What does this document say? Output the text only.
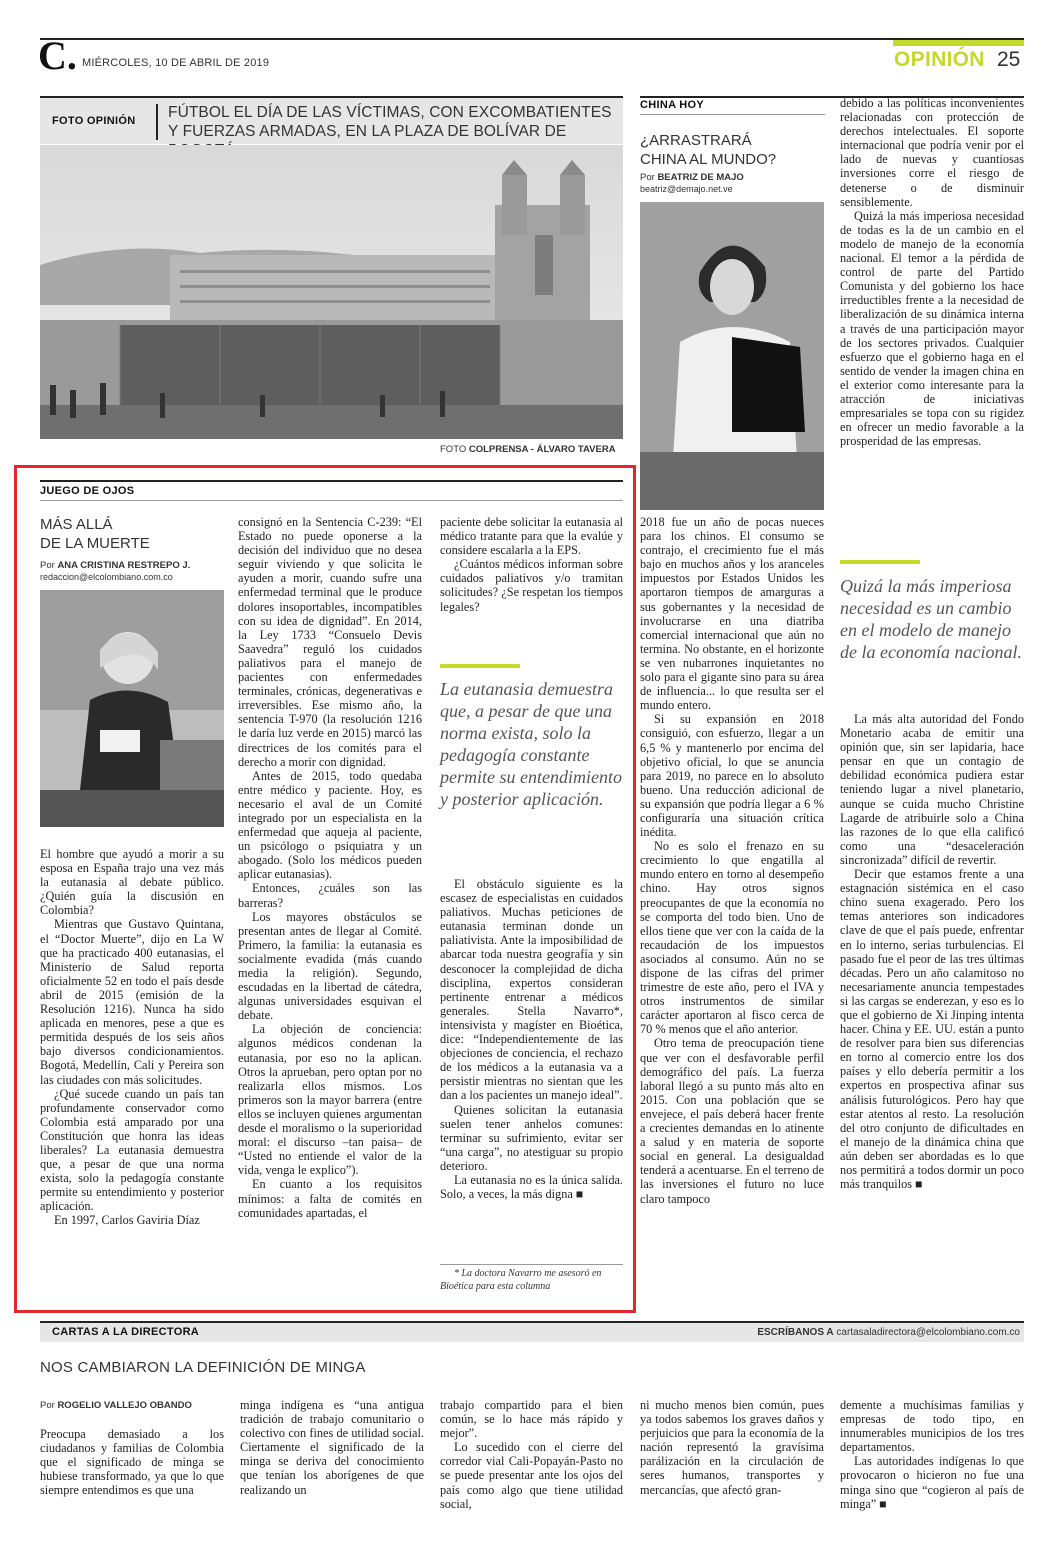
C. MIÉRCOLES, 10 DE ABRIL DE 2019	OPINIÓN 25
FOTO OPINIÓN FÚTBOL EL DÍA DE LAS VÍCTIMAS, CON EXCOMBATIENTES Y FUERZAS ARMADAS, EN LA PLAZA DE BOLÍVAR DE
FOTO COLPRENSA - ÁLVARO TAVERA
JUEGO DE OJOS
MÁS ALLÁ
DE LA MUERTE
Por ANA CRISTINA RESTREPO J.
redaccion@elcolombiano.com.co

El hombre que ayudó a morir a su esposa en España trajo una vez más la eutanasia al debate público. ¿Quién guía la discusión en Colombia?

Mientras que Gustavo Quintana, el “Doctor Muerte”, dijo en La W que ha practicado 400 eutanasias, el Ministerio de Salud reporta oficialmente 52 en todo el país desde abril de 2015 (emisión de la Resolución 1216). Nunca ha sido aplicada en menores, pese a que es permitida después de los seis años bajo diversos condicionamientos. Bogotá, Medellín, Cali y Pereira son las ciudades con más solicitudes.

¿Qué sucede cuando un país tan profundamente conservador como Colombia está amparado por una Constitución que honra las ideas liberales? La eutanasia demuestra que, a pesar de que una norma exista, solo la pedagogía constante permite su entendimiento y posterior aplicación.

En 1997, Carlos Gaviria Díaz

consignó en la Sentencia C-239: “El Estado no puede oponerse a la decisión del individuo que no desea seguir viviendo y que solicita le ayuden a morir, cuando sufre una enfermedad terminal que le produce dolores insoportables, incompatibles con su idea de dignidad”. En 2014, la Ley 1733 “Consuelo Devis Saavedra” reguló los cuidados paliativos para el manejo de pacientes con enfermedades terminales, crónicas, degenerativas e irreversibles. Ese mismo año, la sentencia T-970 (la resolución 1216 le daría luz verde en 2015) marcó las directrices de los comités para el derecho a morir con dignidad.

Antes de 2015, todo quedaba entre médico y paciente. Hoy, es necesario el aval de un Comité integrado por un especialista en la enfermedad que aqueja al paciente, un psicólogo o psiquiatra y un abogado. (Solo los médicos pueden aplicar eutanasias).

Entonces, ¿cuáles son las barreras?

Los mayores obstáculos se presentan antes de llegar al Comité. Primero, la familia: la eutanasia es socialmente evadida (más cuando media la religión). Segundo, escudadas en la libertad de cátedra, algunas universidades esquivan el debate.

La objeción de conciencia: algunos médicos condenan la eutanasia, por eso no la aplican. Otros la aprueban, pero optan por no realizarla ellos mismos. Los primeros son la mayor barrera (entre ellos se incluyen quienes argumentan desde el moralismo o la superioridad moral: el discurso –tan paisa– de “Usted no entiende el valor de la vida, venga le explico”).

En cuanto a los requisitos mínimos: a falta de comités en comunidades apartadas, el

paciente debe solicitar la eutanasia al médico tratante para que la evalúe y considere escalarla a la EPS.

¿Cuántos médicos informan sobre cuidados paliativos y/o tramitan solicitudes? ¿Se respetan los tiempos legales?

La eutanasia demuestra que, a pesar de que una norma exista, solo la pedagogía constante permite su entendimiento y posterior aplicación.

El obstáculo siguiente es la escasez de especialistas en cuidados paliativos. Muchas peticiones de eutanasia terminan donde un paliativista. Ante la imposibilidad de abarcar toda nuestra geografía y sin desconocer la complejidad de dicha disciplina, expertos consideran pertinente entrenar a médicos generales. Stella Navarro*, intensivista y magíster en Bioética, dice: “Independientemente de las objeciones de conciencia, el rechazo de los médicos a la eutanasia va a persistir mientras no sientan que les dan a los pacientes un manejo ideal”.

Quienes solicitan la eutanasia suelen tener anhelos comunes: terminar su sufrimiento, evitar ser “una carga”, no atestiguar su propio deterioro.

La eutanasia no es la única salida. Solo, a veces, la más digna ■

* La doctora Navarro me asesoró en Bioética para esta columna
CHINA HOY
¿ARRASTRARÁ
CHINA AL MUNDO?
Por BEATRIZ DE MAJO
beatriz@demajo.net.ve

2018 fue un año de pocas nueces para los chinos. El consumo se contrajo, el crecimiento fue el más bajo en muchos años y los aranceles impuestos por Estados Unidos les aportaron tiempos de amarguras a sus gobernantes y la necesidad de involucrarse en una diatriba comercial internacional que aún no termina. No obstante, en el horizonte se ven nubarrones inquietantes no solo para el gigante sino para su área de influencia... lo que resulta ser el mundo entero.

Si su expansión en 2018 consiguió, con esfuerzo, llegar a un 6,5 % y mantenerlo por encima del objetivo oficial, lo que se anuncia para 2019, no parece en lo absoluto bueno. Una reducción adicional de su expansión que podría llegar a 6 % configuraría una situación crítica inédita.

No es solo el frenazo en su crecimiento lo que engatilla al mundo entero en torno al desempeño chino. Hay otros signos preocupantes de que la economía no se comporta del todo bien. Uno de ellos tiene que ver con la caída de la recaudación de los impuestos asociados al consumo. Aún no se dispone de las cifras del primer trimestre de este año, pero el IVA y otros instrumentos de similar carácter aportaron al fisco cerca de 70 % menos que el año anterior.

Otro tema de preocupación tiene que ver con el desfavorable perfil demográfico del país. La fuerza laboral llegó a su punto más alto en 2015. Con una población que se envejece, el país deberá hacer frente a crecientes demandas en lo atinente a salud y en materia de soporte social en general. La desigualdad tenderá a acentuarse. En el terreno de las inversiones el futuro no luce claro tampoco

debido a las políticas inconvenientes relacionadas con protección de derechos intelectuales. El soporte internacional que podría venir por el lado de nuevas y cuantiosas inversiones corre el riesgo de detenerse o de disminuir sensiblemente.

Quizá la más imperiosa necesidad de todas es la de un cambio en el modelo de manejo de la economía nacional. El temor a la pérdida de control de parte del Partido Comunista y del gobierno los hace irreductibles frente a la necesidad de liberalización de su dinámica interna a través de una participación mayor de los sectores privados. Cualquier esfuerzo que el gobierno haga en el sentido de vender la imagen china en el exterior como interesante para la atracción de iniciativas empresariales se topa con su rigidez en ofrecer un medio favorable a la prosperidad de las empresas.

Quizá la más imperiosa necesidad es un cambio en el modelo de manejo de la economía nacional.

La más alta autoridad del Fondo Monetario acaba de emitir una opinión que, sin ser lapidaria, hace pensar en que un contagio de debilidad económica pudiera estar teniendo lugar a nivel planetario, aunque se cuida mucho Christine Lagarde de atribuirle solo a China las razones de lo que ella calificó como una “desaceleración sincronizada” difícil de revertir.

Decir que estamos frente a una estagnación sistémica en el caso chino suena exagerado. Pero los temas anteriores son indicadores clave de que el país puede, enfrentar en lo interno, serias turbulencias. El pasado fue el peor de las tres últimas décadas. Pero un año calamitoso no necesariamente anuncia tempestades si las cargas se enderezan, y eso es lo que el gobierno de Xi Jinping intenta hacer. China y EE. UU. están a punto de resolver para bien sus diferencias en torno al comercio entre los dos países y ello debería permitir a los expertos en prospectiva afinar sus análisis futurológicos. Pero hay que estar atentos al resto. La resolución del otro conjunto de dificultades en el manejo de la dinámica china que aún deben ser abordadas es lo que nos permitirá a todos dormir un poco más tranquilos ■

CARTAS A LA DIRECTORA	ESCRÍBANOS A cartasaladirectora@elcolombiano.com.co
NOS CAMBIARON LA DEFINICIÓN DE MINGA
Por ROGELIO VALLEJO OBANDO

Preocupa demasiado a los ciudadanos y familias de Colombia que el significado de minga se hubiese transformado, ya que lo que siempre entendimos es que una

minga indígena es “una antigua tradición de trabajo comunitario o colectivo con fines de utilidad social. Ciertamente el significado de la minga se deriva del conocimiento que tenían los aborígenes de que realizando un

trabajo compartido para el bien común, se lo hace más rápido y mejor”.

Lo sucedido con el cierre del corredor vial Cali-Popayán-Pasto no se puede presentar ante los ojos del país como algo que tiene utilidad social,

ni mucho menos bien común, pues ya todos sabemos los graves daños y perjuicios que para la economía de la nación representó la gravísima parálización en la circulación de seres humanos, transportes y mercancías, que afectó gran-

demente a muchísimas familias y empresas de todo tipo, en innumerables municipios de los tres departamentos.

Las autoridades indígenas lo que provocaron o hicieron no fue una minga sino que “cogieron al país de minga” ■
